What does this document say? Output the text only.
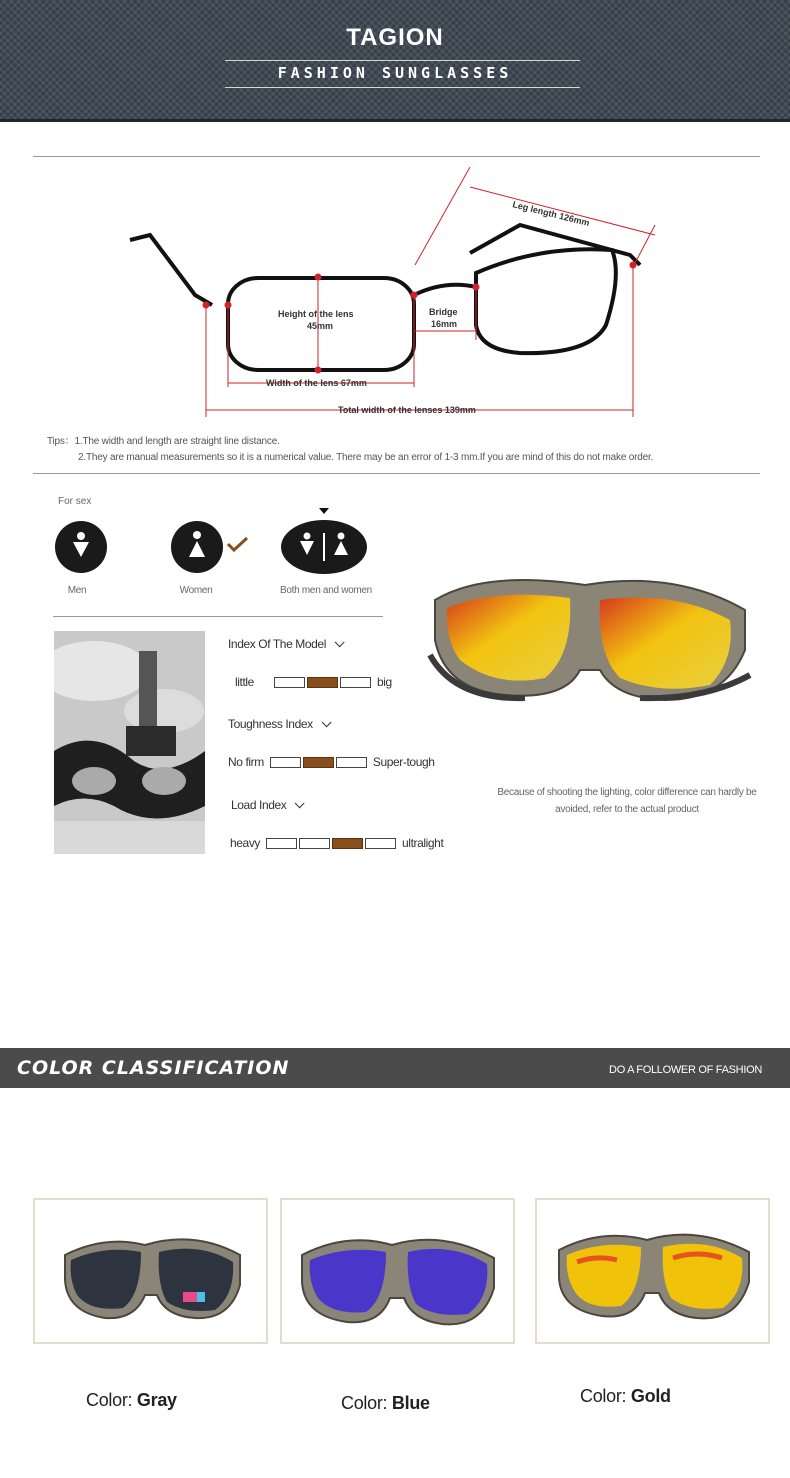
TAGION
FASHION SUNGLASSES
Leg length 126mm
Height of the lens
45mm
Bridge
16mm
Width of the lens 67mm
Total width of the lenses 139mm
Tips：1.The width and length are straight line distance.
2.They are manual measurements so it is a numerical value. There may be an error of 1-3 mm.If you are mind of this do not make order.
For sex
Men	Women	Both men and women
Index Of The Model
little	big
Toughness Index
No firm	Super-tough
Load Index
heavy	ultralight
Because of shooting the lighting, color difference can hardly be avoided, refer to the actual product
COLOR CLASSIFICATION	DO A FOLLOWER OF FASHION
Color: Gray	Color: Blue	Color: Gold
